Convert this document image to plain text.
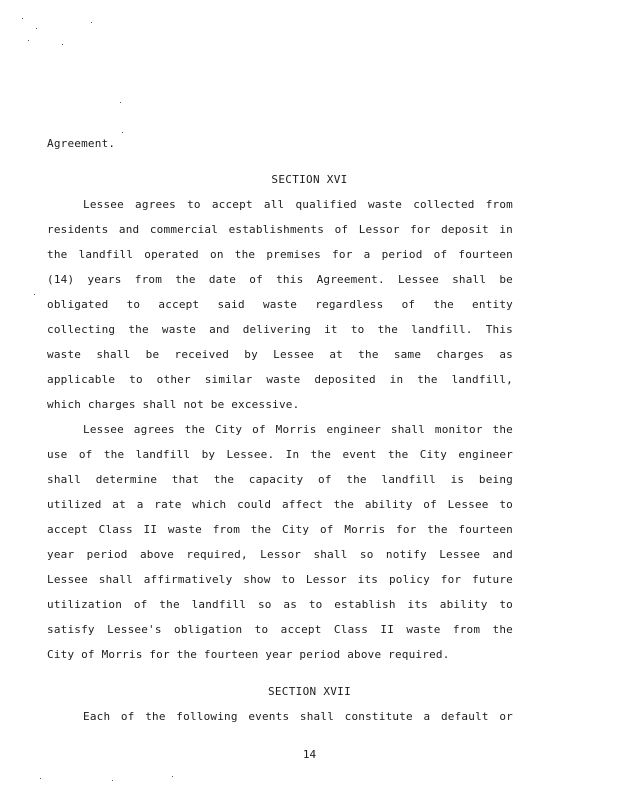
Agreement.
SECTION XVI
Lessee agrees to accept all qualified waste collected from
residents and commercial establishments of Lessor for deposit in
the landfill operated on the premises for a period of fourteen
(14) years from the date of this Agreement. Lessee shall be
obligated to accept said waste regardless of the entity
collecting the waste and delivering it to the landfill. This
waste shall be received by Lessee at the same charges as
applicable to other similar waste deposited in the landfill,
which charges shall not be excessive.
Lessee agrees the City of Morris engineer shall monitor the
use of the landfill by Lessee. In the event the City engineer
shall determine that the capacity of the landfill is being
utilized at a rate which could affect the ability of Lessee to
accept Class II waste from the City of Morris for the fourteen
year period above required, Lessor shall so notify Lessee and
Lessee shall affirmatively show to Lessor its policy for future
utilization of the landfill so as to establish its ability to
satisfy Lessee's obligation to accept Class II waste from the
City of Morris for the fourteen year period above required.
SECTION XVII
Each of the following events shall constitute a default or
14
